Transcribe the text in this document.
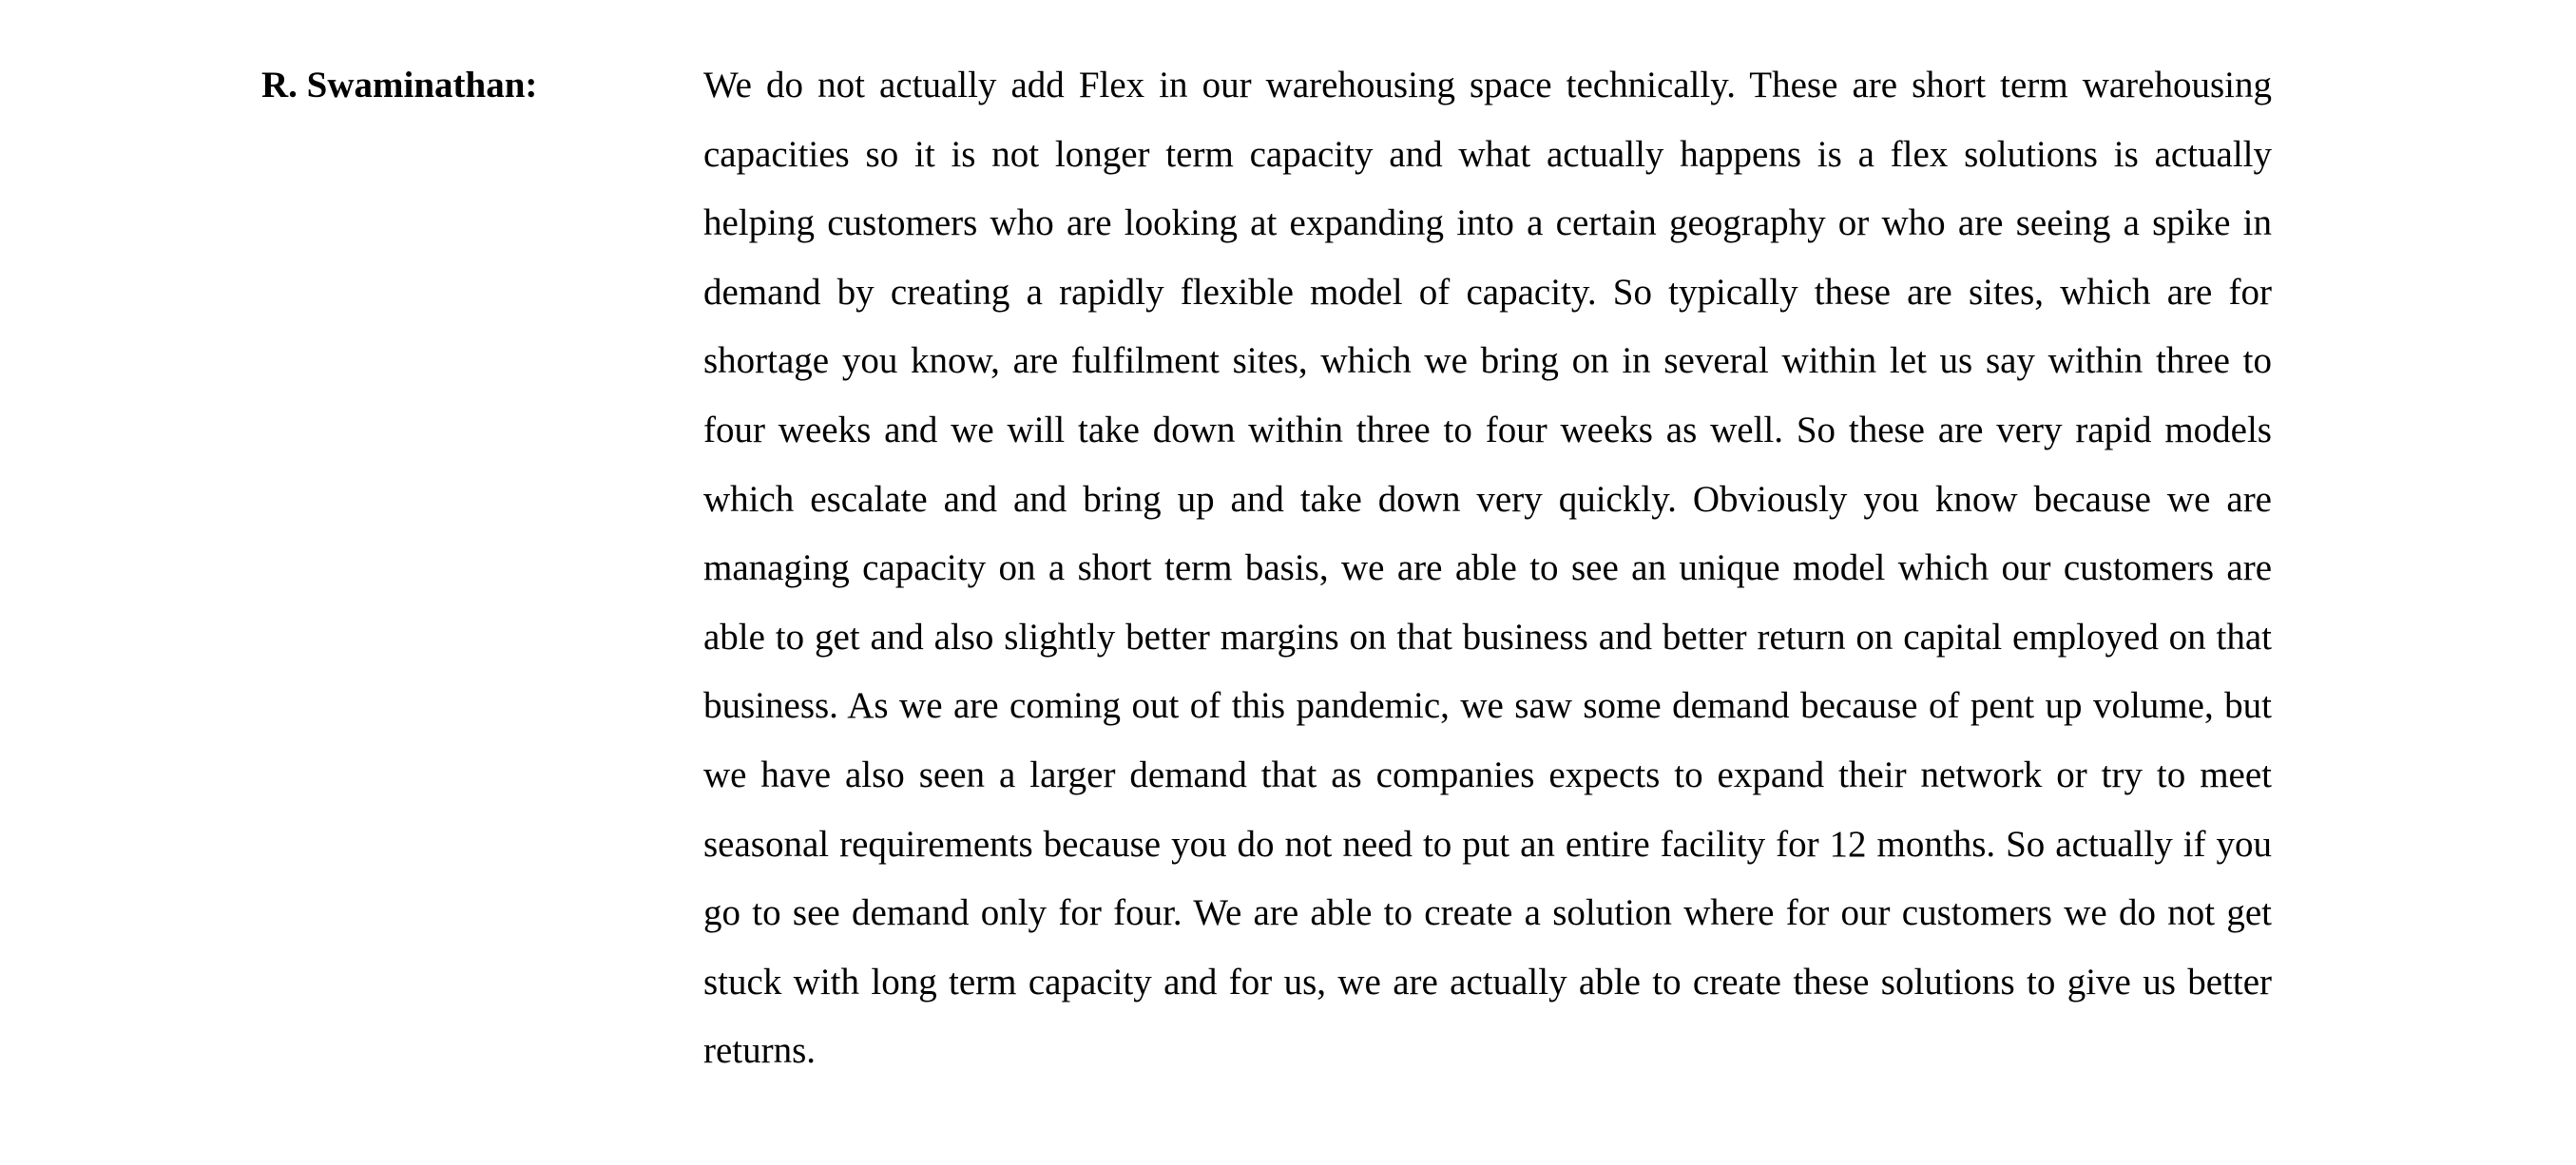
R. Swaminathan:	We do not actually add Flex in our warehousing space technically. These are short term warehousing capacities so it is not longer term capacity and what actually happens is a flex solutions is actually helping customers who are looking at expanding into a certain geography or who are seeing a spike in demand by creating a rapidly flexible model of capacity. So typically these are sites, which are for shortage you know, are fulfilment sites, which we bring on in several within let us say within three to four weeks and we will take down within three to four weeks as well. So these are very rapid models which escalate and and bring up and take down very quickly. Obviously you know because we are managing capacity on a short term basis, we are able to see an unique model which our customers are able to get and also slightly better margins on that business and better return on capital employed on that business. As we are coming out of this pandemic, we saw some demand because of pent up volume, but we have also seen a larger demand that as companies expects to expand their network or try to meet seasonal requirements because you do not need to put an entire facility for 12 months. So actually if you go to see demand only for four. We are able to create a solution where for our customers we do not get stuck with long term capacity and for us, we are actually able to create these solutions to give us better returns.
